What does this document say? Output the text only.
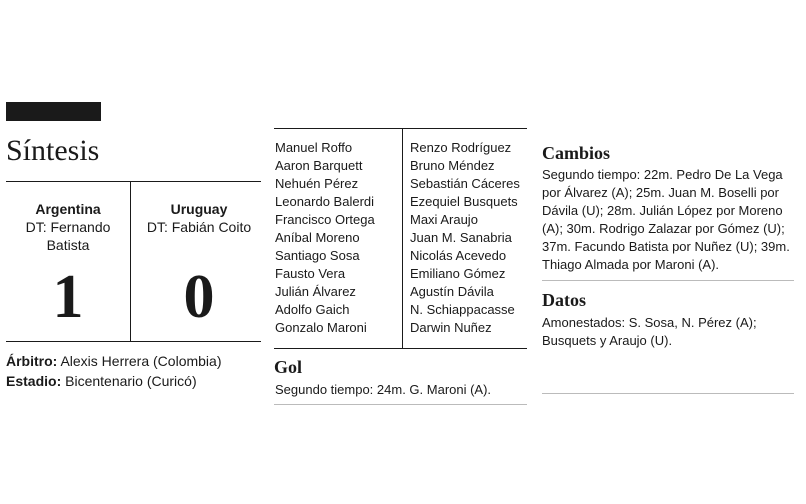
Síntesis
Argentina
DT: Fernando Batista
Uruguay
DT: Fabián Coito
1	0
Árbitro: Alexis Herrera (Colombia)
Estadio: Bicentenario (Curicó)
Manuel Roffo
Aaron Barquett
Nehuén Pérez
Leonardo Balerdi
Francisco Ortega
Aníbal Moreno
Santiago Sosa
Fausto Vera
Julián Álvarez
Adolfo Gaich
Gonzalo Maroni
Renzo Rodríguez
Bruno Méndez
Sebastián Cáceres
Ezequiel Busquets
Maxi Araujo
Juan M. Sanabria
Nicolás Acevedo
Emiliano Gómez
Agustín Dávila
N. Schiappacasse
Darwin Nuñez
Gol
Segundo tiempo: 24m. G. Maroni (A).
Cambios
Segundo tiempo: 22m. Pedro De La Vega por Álvarez (A); 25m. Juan M. Boselli por Dávila (U); 28m. Julián López por Moreno (A); 30m. Rodrigo Zalazar por Gómez (U); 37m. Facundo Batista por Nuñez (U); 39m. Thiago Almada por Maroni (A).
Datos
Amonestados: S. Sosa, N. Pérez (A); Busquets y Araujo (U).
